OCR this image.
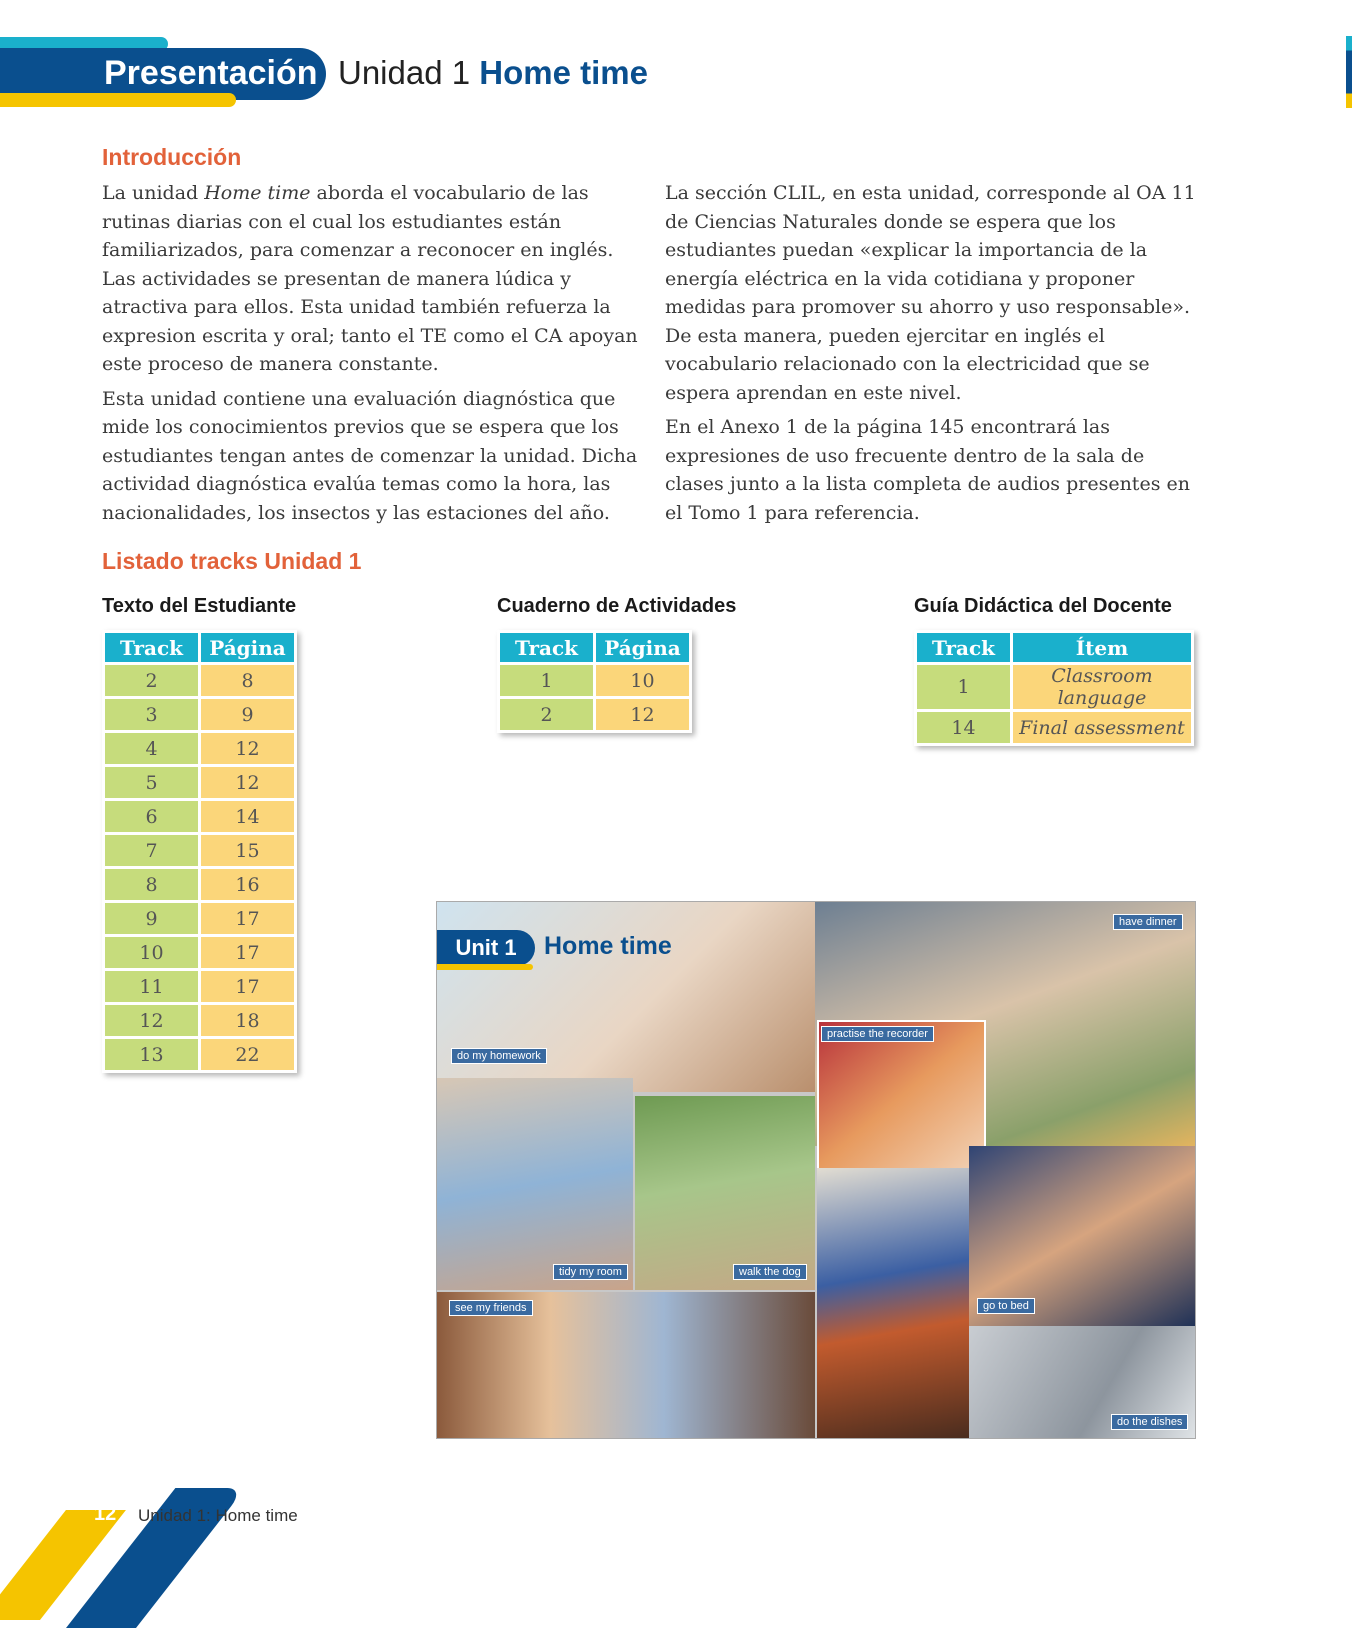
Presentación Unidad 1 Home time
Introducción

La unidad Home time aborda el vocabulario de las rutinas diarias con el cual los estudiantes están familiarizados, para comenzar a reconocer en inglés. Las actividades se presentan de manera lúdica y atractiva para ellos. Esta unidad también refuerza la expresion escrita y oral; tanto el TE como el CA apoyan este proceso de manera constante.

Esta unidad contiene una evaluación diagnóstica que mide los conocimientos previos que se espera que los estudiantes tengan antes de comenzar la unidad. Dicha actividad diagnóstica evalúa temas como la hora, las nacionalidades, los insectos y las estaciones del año.

La sección CLIL, en esta unidad, corresponde al OA 11 de Ciencias Naturales donde se espera que los estudiantes puedan «explicar la importancia de la energía eléctrica en la vida cotidiana y proponer medidas para promover su ahorro y uso responsable». De esta manera, pueden ejercitar en inglés el vocabulario relacionado con la electricidad que se espera aprendan en este nivel.

En el Anexo 1 de la página 145 encontrará las expresiones de uso frecuente dentro de la sala de clases junto a la lista completa de audios presentes en el Tomo 1 para referencia.

Listado tracks Unidad 1
Texto del Estudiante
Track	Página
2	8
3	9
4	12
5	12
6	14
7	15
8	16
9	17
10	17
11	17
12	18
13	22
Cuaderno de Actividades
Track	Página
1	10
2	12
Guía Didáctica del Docente
Track	Ítem
1	Classroom language
14	Final assessment
Unit 1	Home time
do my homework
have dinner
practise the recorder
tidy my room	walk the dog
see my friends	go to bed
do the dishes
12 Unidad 1: Home time
